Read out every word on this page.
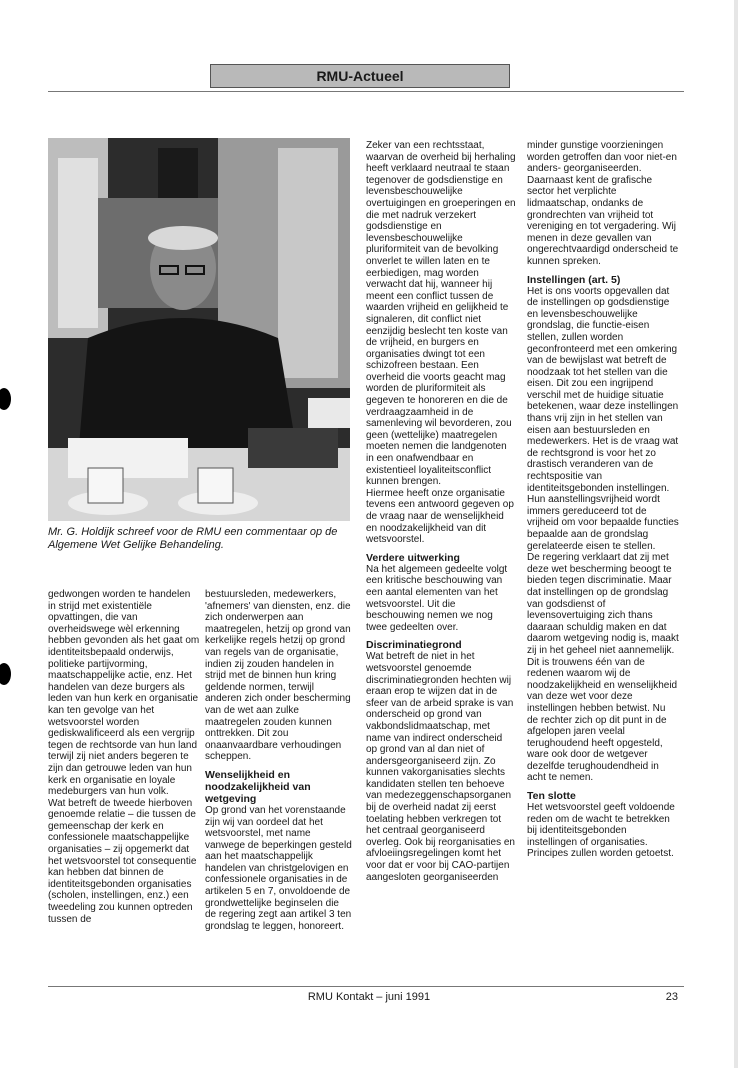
RMU-Actueel
Mr. G. Holdijk schreef voor de RMU een commentaar op de Algemene Wet Gelijke Behandeling.

gedwongen worden te handelen in strijd met existentiële opvattingen, die van overheidswege wèl erkenning hebben gevonden als het gaat om identiteitsbepaald onderwijs, politieke partijvorming, maatschappelijke actie, enz. Het handelen van deze burgers als leden van hun kerk en organisatie kan ten gevolge van het wetsvoorstel worden gediskwalificeerd als een vergrijp tegen de rechtsorde van hun land terwijl zij niet anders begeren te zijn dan getrouwe leden van hun kerk en organisatie en loyale medeburgers van hun volk.

Wat betreft de tweede hierboven genoemde relatie – die tussen de gemeenschap der kerk en confessionele maatschappelijke organisaties – zij opgemerkt dat het wetsvoorstel tot consequentie kan hebben dat binnen de identiteitsgebonden organisaties (scholen, instellingen, enz.) een tweedeling zou kunnen optreden tussen de

bestuursleden, medewerkers, 'afnemers' van diensten, enz. die zich onderwerpen aan maatregelen, hetzij op grond van kerkelijke regels hetzij op grond van regels van de organisatie, indien zij zouden handelen in strijd met de binnen hun kring geldende normen, terwijl anderen zich onder bescherming van de wet aan zulke maatregelen zouden kunnen onttrekken. Dit zou onaanvaardbare verhoudingen scheppen.

Wenselijkheid en noodzakelijkheid van wetgeving

Op grond van het vorenstaande zijn wij van oordeel dat het wetsvoorstel, met name vanwege de beperkingen gesteld aan het maatschappelijk handelen van christgelovigen en confessionele organisaties in de artikelen 5 en 7, onvoldoende de grondwettelijke beginselen die de regering zegt aan artikel 3 ten grondslag te leggen, honoreert.

Zeker van een rechtsstaat, waarvan de overheid bij herhaling heeft verklaard neutraal te staan tegenover de godsdienstige en levensbeschouwelijke overtuigingen en groeperingen en die met nadruk verzekert godsdienstige en levensbeschouwelijke pluriformiteit van de bevolking onverlet te willen laten en te eerbiedigen, mag worden verwacht dat hij, wanneer hij meent een conflict tussen de waarden vrijheid en gelijkheid te signaleren, dit conflict niet eenzijdig beslecht ten koste van de vrijheid, en burgers en organisaties dwingt tot een schizofreen bestaan. Een overheid die voorts geacht mag worden de pluriformiteit als gegeven te honoreren en die de verdraagzaamheid in de samenleving wil bevorderen, zou geen (wettelijke) maatregelen moeten nemen die landgenoten in een onafwendbaar en existentieel loyaliteitsconflict kunnen brengen.

Hiermee heeft onze organisatie tevens een antwoord gegeven op de vraag naar de wenselijkheid en noodzakelijkheid van dit wetsvoorstel.

Verdere uitwerking

Na het algemeen gedeelte volgt een kritische beschouwing van een aantal elementen van het wetsvoorstel. Uit die beschouwing nemen we nog twee gedeelten over.

Discriminatiegrond

Wat betreft de niet in het wetsvoorstel genoemde discriminatiegronden hechten wij eraan erop te wijzen dat in de sfeer van de arbeid sprake is van onderscheid op grond van vakbondslidmaatschap, met name van indirect onderscheid op grond van al dan niet of andersgeorganiseerd zijn. Zo kunnen vakorganisaties slechts kandidaten stellen ten behoeve van medezeggenschapsorganen bij de overheid nadat zij eerst toelating hebben verkregen tot het centraal georganiseerd overleg. Ook bij reorganisaties en afvloeiingsregelingen komt het voor dat er voor bij CAO-partijen aangesloten georganiseerden

minder gunstige voorzieningen worden getroffen dan voor niet-en anders- georganiseerden. Daarnaast kent de grafische sector het verplichte lidmaatschap, ondanks de grondrechten van vrijheid tot vereniging en tot vergadering. Wij menen in deze gevallen van ongerechtvaardigd onderscheid te kunnen spreken.

Instellingen (art. 5)

Het is ons voorts opgevallen dat de instellingen op godsdienstige en levensbeschouwelijke grondslag, die functie-eisen stellen, zullen worden geconfronteerd met een omkering van de bewijslast wat betreft de noodzaak tot het stellen van die eisen. Dit zou een ingrijpend verschil met de huidige situatie betekenen, waar deze instellingen thans vrij zijn in het stellen van eisen aan bestuursleden en medewerkers. Het is de vraag wat de rechtsgrond is voor het zo drastisch veranderen van de rechtspositie van identiteitsgebonden instellingen. Hun aanstellingsvrijheid wordt immers gereduceerd tot de vrijheid om voor bepaalde functies bepaalde aan de grondslag gerelateerde eisen te stellen.

De regering verklaart dat zij met deze wet bescherming beoogt te bieden tegen discriminatie. Maar dat instellingen op de grondslag van godsdienst of levensovertuiging zich thans daaraan schuldig maken en dat daarom wetgeving nodig is, maakt zij in het geheel niet aannemelijk. Dit is trouwens één van de redenen waarom wij de noodzakelijkheid en wenselijkheid van deze wet voor deze instellingen hebben betwist. Nu de rechter zich op dit punt in de afgelopen jaren veelal terughoudend heeft opgesteld, ware ook door de wetgever dezelfde terughoudendheid in acht te nemen.

Ten slotte

Het wetsvoorstel geeft voldoende reden om de wacht te betrekken bij identiteitsgebonden instellingen of organisaties. Principes zullen worden getoetst.

RMU Kontakt – juni 1991	23
